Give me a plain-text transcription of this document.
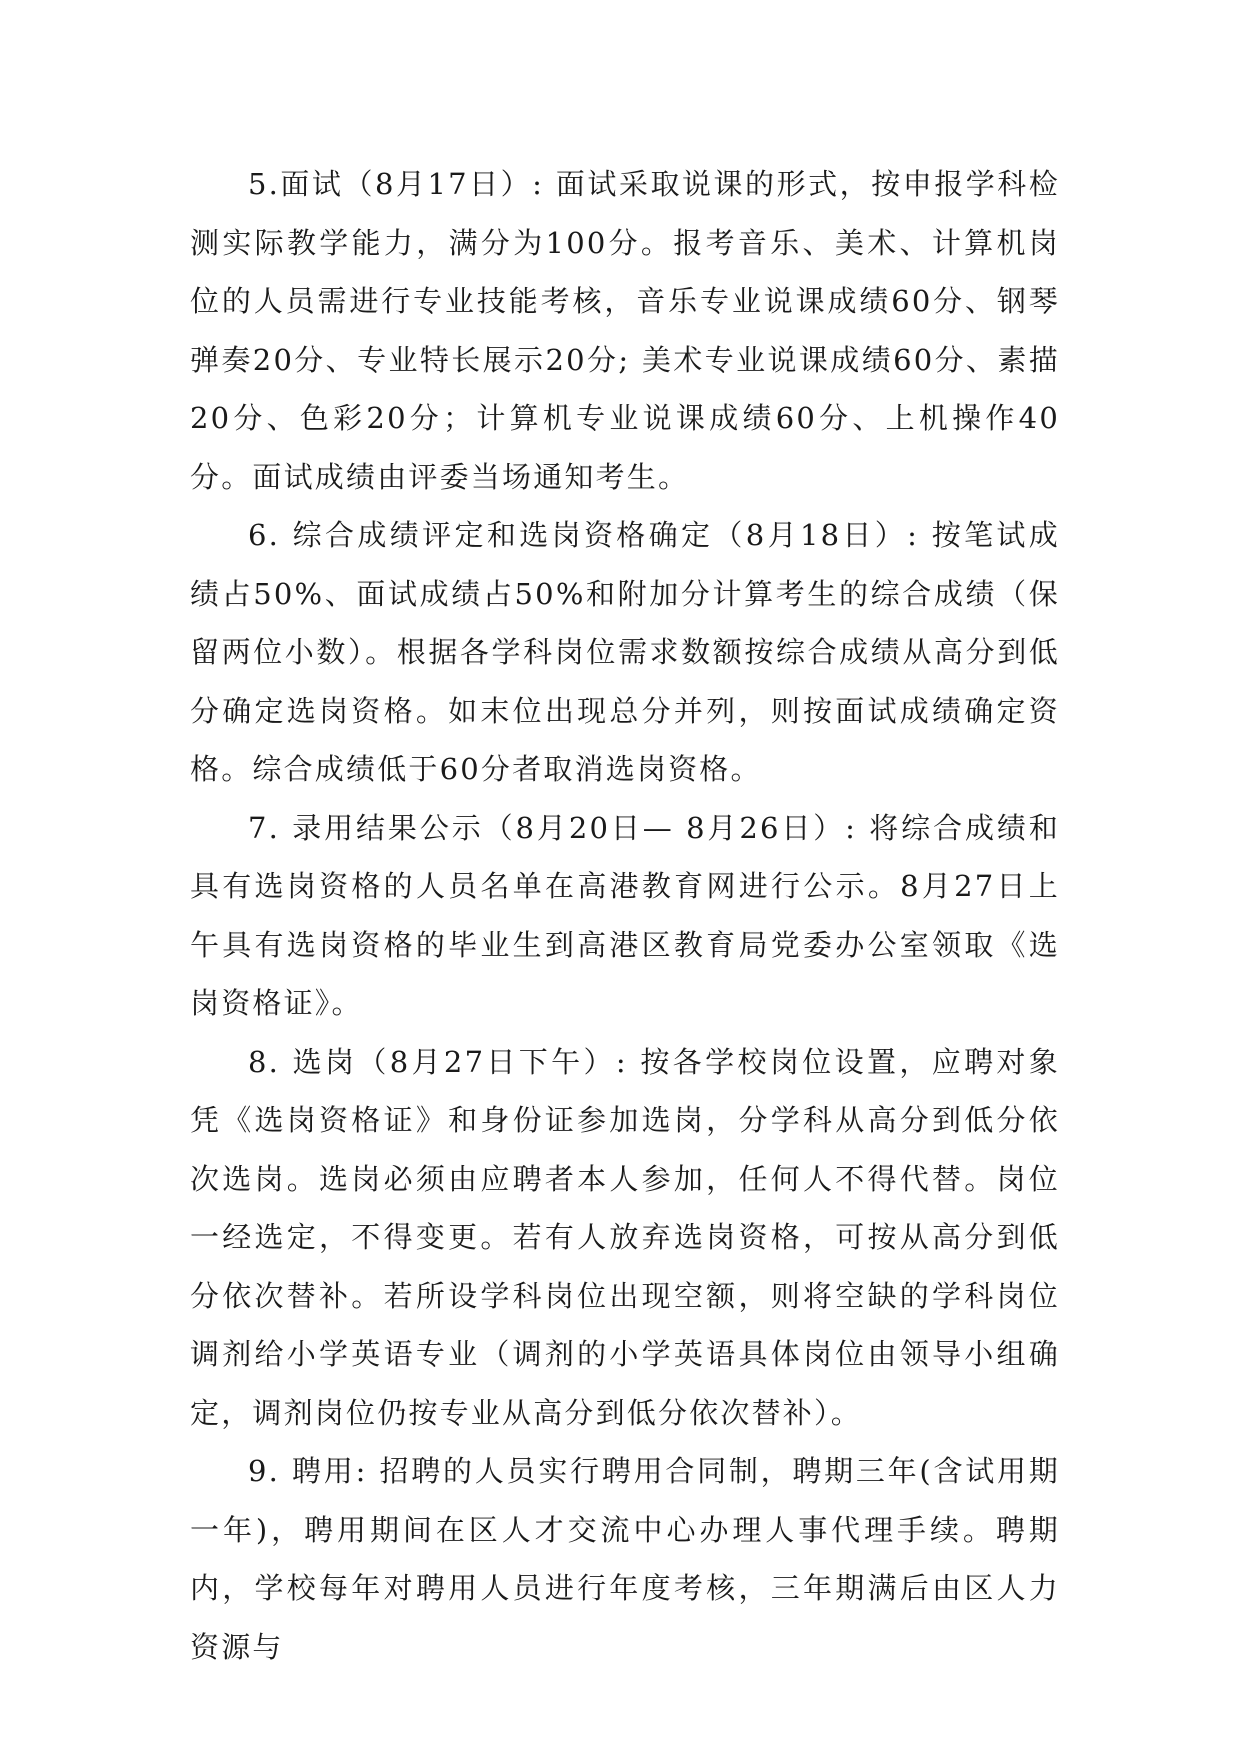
5.面试（8月17日）: 面试采取说课的形式，按申报学科检测实际教学能力，满分为100分。报考音乐、美术、计算机岗位的人员需进行专业技能考核，音乐专业说课成绩60分、钢琴弹奏20分、专业特长展示20分; 美术专业说课成绩60分、素描20分、色彩20分；计算机专业说课成绩60分、上机操作40分。面试成绩由评委当场通知考生。

6. 综合成绩评定和选岗资格确定（8月18日）: 按笔试成绩占50%、面试成绩占50%和附加分计算考生的综合成绩（保留两位小数）。根据各学科岗位需求数额按综合成绩从高分到低分确定选岗资格。如末位出现总分并列，则按面试成绩确定资格。综合成绩低于60分者取消选岗资格。

7. 录用结果公示（8月20日— 8月26日）: 将综合成绩和具有选岗资格的人员名单在高港教育网进行公示。8月27日上午具有选岗资格的毕业生到高港区教育局党委办公室领取《选岗资格证》。

8. 选岗（8月27日下午）: 按各学校岗位设置，应聘对象凭《选岗资格证》和身份证参加选岗，分学科从高分到低分依次选岗。选岗必须由应聘者本人参加，任何人不得代替。岗位一经选定，不得变更。若有人放弃选岗资格，可按从高分到低分依次替补。若所设学科岗位出现空额，则将空缺的学科岗位调剂给小学英语专业（调剂的小学英语具体岗位由领导小组确定，调剂岗位仍按专业从高分到低分依次替补）。

9. 聘用: 招聘的人员实行聘用合同制，聘期三年(含试用期一年)，聘用期间在区人才交流中心办理人事代理手续。聘期内，学校每年对聘用人员进行年度考核，三年期满后由区人力资源与
